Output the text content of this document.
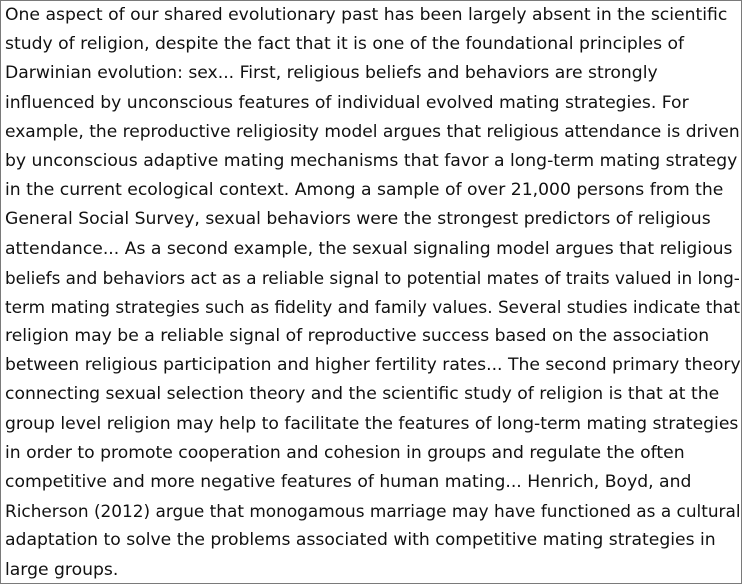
One aspect of our shared evolutionary past has been largely absent in the scientific
study of religion, despite the fact that it is one of the foundational principles of
Darwinian evolution: sex... First, religious beliefs and behaviors are strongly
influenced by unconscious features of individual evolved mating strategies. For
example, the reproductive religiosity model argues that religious attendance is driven
by unconscious adaptive mating mechanisms that favor a long-term mating strategy
in the current ecological context. Among a sample of over 21,000 persons from the
General Social Survey, sexual behaviors were the strongest predictors of religious
attendance... As a second example, the sexual signaling model argues that religious
beliefs and behaviors act as a reliable signal to potential mates of traits valued in long-
term mating strategies such as fidelity and family values. Several studies indicate that
religion may be a reliable signal of reproductive success based on the association
between religious participation and higher fertility rates... The second primary theory
connecting sexual selection theory and the scientific study of religion is that at the
group level religion may help to facilitate the features of long-term mating strategies
in order to promote cooperation and cohesion in groups and regulate the often
competitive and more negative features of human mating... Henrich, Boyd, and
Richerson (2012) argue that monogamous marriage may have functioned as a cultural
adaptation to solve the problems associated with competitive mating strategies in
large groups.
